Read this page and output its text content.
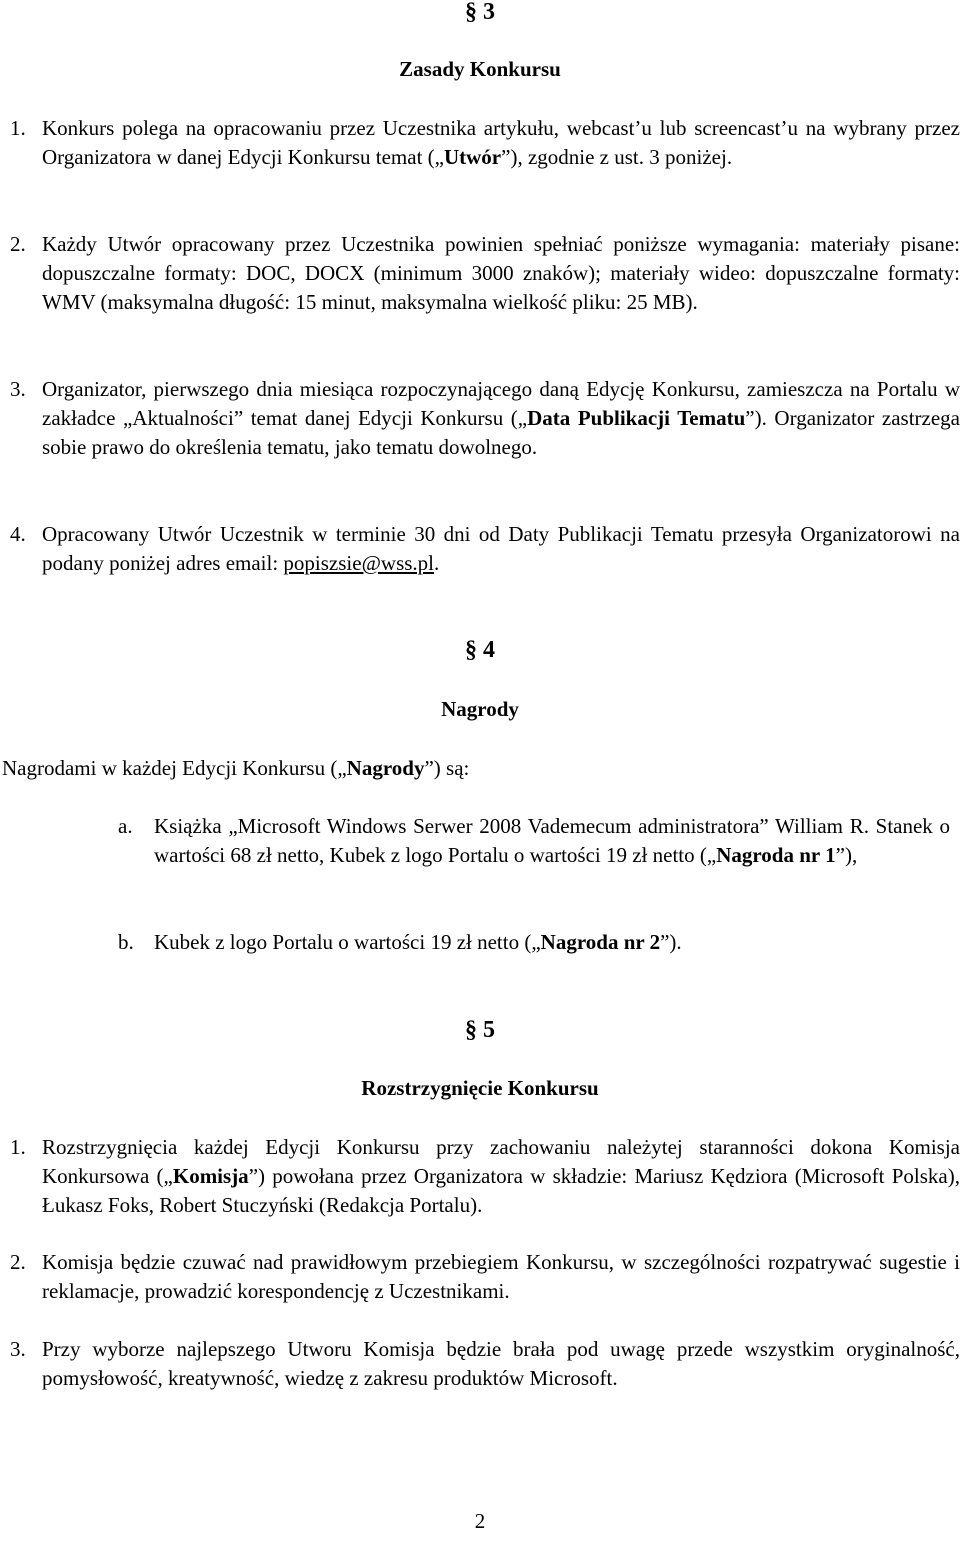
§ 3
Zasady Konkursu
1. Konkurs polega na opracowaniu przez Uczestnika artykułu, webcast’u lub screencast’u na wybrany przez Organizatora w danej Edycji Konkursu temat („Utwór”), zgodnie z ust. 3 poniżej.
2. Każdy Utwór opracowany przez Uczestnika powinien spełniać poniższe wymagania: materiały pisane: dopuszczalne formaty: DOC, DOCX (minimum 3000 znaków); materiały wideo: dopuszczalne formaty: WMV (maksymalna długość: 15 minut, maksymalna wielkość pliku: 25 MB).
3. Organizator, pierwszego dnia miesiąca rozpoczynającego daną Edycję Konkursu, zamieszcza na Portalu w zakładce „Aktualności” temat danej Edycji Konkursu („Data Publikacji Tematu”). Organizator zastrzega sobie prawo do określenia tematu, jako tematu dowolnego.
4. Opracowany Utwór Uczestnik w terminie 30 dni od Daty Publikacji Tematu przesyła Organizatorowi na podany poniżej adres email: popiszsie@wss.pl.
§ 4
Nagrody
Nagrodami w każdej Edycji Konkursu („Nagrody”) są:
a. Książka „Microsoft Windows Serwer 2008 Vademecum administratora” William R. Stanek o wartości 68 zł netto, Kubek z logo Portalu o wartości 19 zł netto („Nagroda nr 1”),
b. Kubek z logo Portalu o wartości 19 zł netto („Nagroda nr 2”).
§ 5
Rozstrzygnięcie Konkursu
1. Rozstrzygnięcia każdej Edycji Konkursu przy zachowaniu należytej staranności dokona Komisja Konkursowa („Komisja”) powołana przez Organizatora w składzie: Mariusz Kędziora (Microsoft Polska), Łukasz Foks, Robert Stuczyński (Redakcja Portalu).
2. Komisja będzie czuwać nad prawidłowym przebiegiem Konkursu, w szczególności rozpatrywać sugestie i reklamacje, prowadzić korespondencję z Uczestnikami.
3. Przy wyborze najlepszego Utworu Komisja będzie brała pod uwagę przede wszystkim oryginalność, pomysłowość, kreatywność, wiedzę z zakresu produktów Microsoft.
2
